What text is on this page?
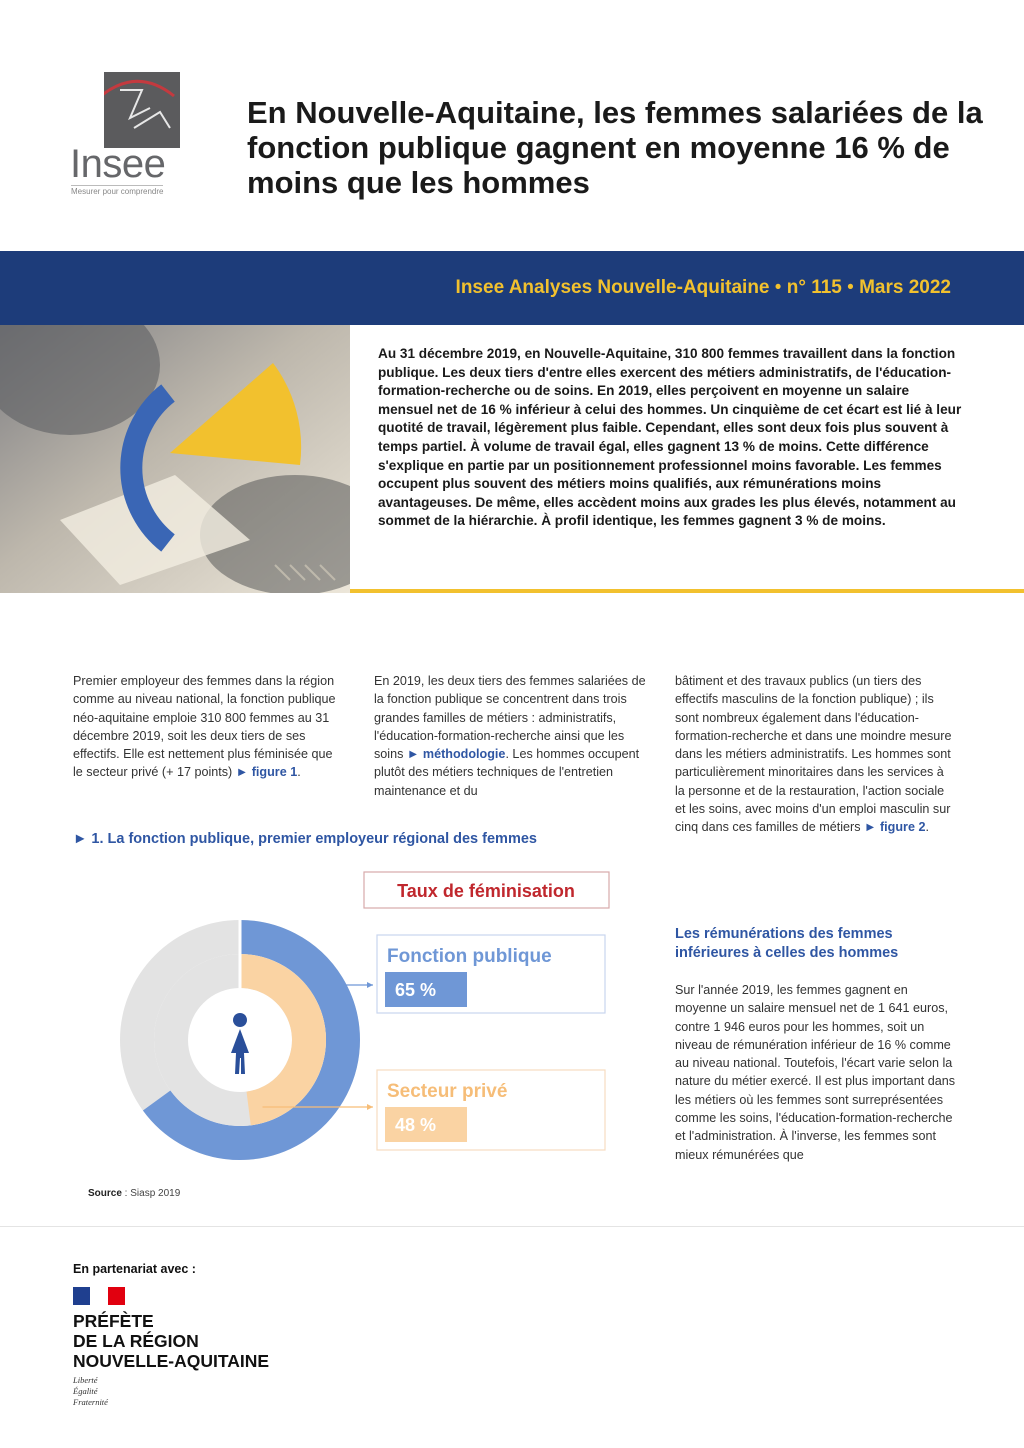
Insee
Mesurer pour comprendre
En Nouvelle-Aquitaine, les femmes salariées de la fonction publique gagnent en moyenne 16 % de moins que les hommes
Insee Analyses Nouvelle-Aquitaine • n° 115 • Mars 2022

Au 31 décembre 2019, en Nouvelle-Aquitaine, 310 800 femmes travaillent dans la fonction publique. Les deux tiers d'entre elles exercent des métiers administratifs, de l'éducation-formation-recherche ou de soins. En 2019, elles perçoivent en moyenne un salaire mensuel net de 16 % inférieur à celui des hommes. Un cinquième de cet écart est lié à leur quotité de travail, légèrement plus faible. Cependant, elles sont deux fois plus souvent à temps partiel. À volume de travail égal, elles gagnent 13 % de moins. Cette différence s'explique en partie par un positionnement professionnel moins favorable. Les femmes occupent plus souvent des métiers moins qualifiés, aux rémunérations moins avantageuses. De même, elles accèdent moins aux grades les plus élevés, notamment au sommet de la hiérarchie. À profil identique, les femmes gagnent 3 % de moins.

Premier employeur des femmes dans la région comme au niveau national, la fonction publique néo-aquitaine emploie 310 800 femmes au 31 décembre 2019, soit les deux tiers de ses effectifs. Elle est nettement plus féminisée que le secteur privé (+ 17 points) ► figure 1.

En 2019, les deux tiers des femmes salariées de la fonction publique se concentrent dans trois grandes familles de métiers : administratifs, l'éducation-formation-recherche ainsi que les soins ► méthodologie. Les hommes occupent plutôt des métiers techniques de l'entretien maintenance et du

bâtiment et des travaux publics (un tiers des effectifs masculins de la fonction publique) ; ils sont nombreux également dans l'éducation-formation-recherche et dans une moindre mesure dans les métiers administratifs. Les hommes sont particulièrement minoritaires dans les services à la personne et de la restauration, l'action sociale et les soins, avec moins d'un emploi masculin sur cinq dans ces familles de métiers ► figure 2.

Les rémunérations des femmes inférieures à celles des hommes

Sur l'année 2019, les femmes gagnent en moyenne un salaire mensuel net de 1 641 euros, contre 1 946 euros pour les hommes, soit un niveau de rémunération inférieur de 16 % comme au niveau national. Toutefois, l'écart varie selon la nature du métier exercé. Il est plus important dans les métiers où les femmes sont surreprésentées comme les soins, l'éducation-formation-recherche et l'administration. À l'inverse, les femmes sont mieux rémunérées que

► 1. La fonction publique, premier employeur régional des femmes
Taux de féminisation
Fonction publique
65 %
Secteur privé
48 %
Source : Siasp 2019
En partenariat avec :

PRÉFÈTE
DE LA RÉGION
NOUVELLE-AQUITAINE

Liberté
Égalité
Fraternité
